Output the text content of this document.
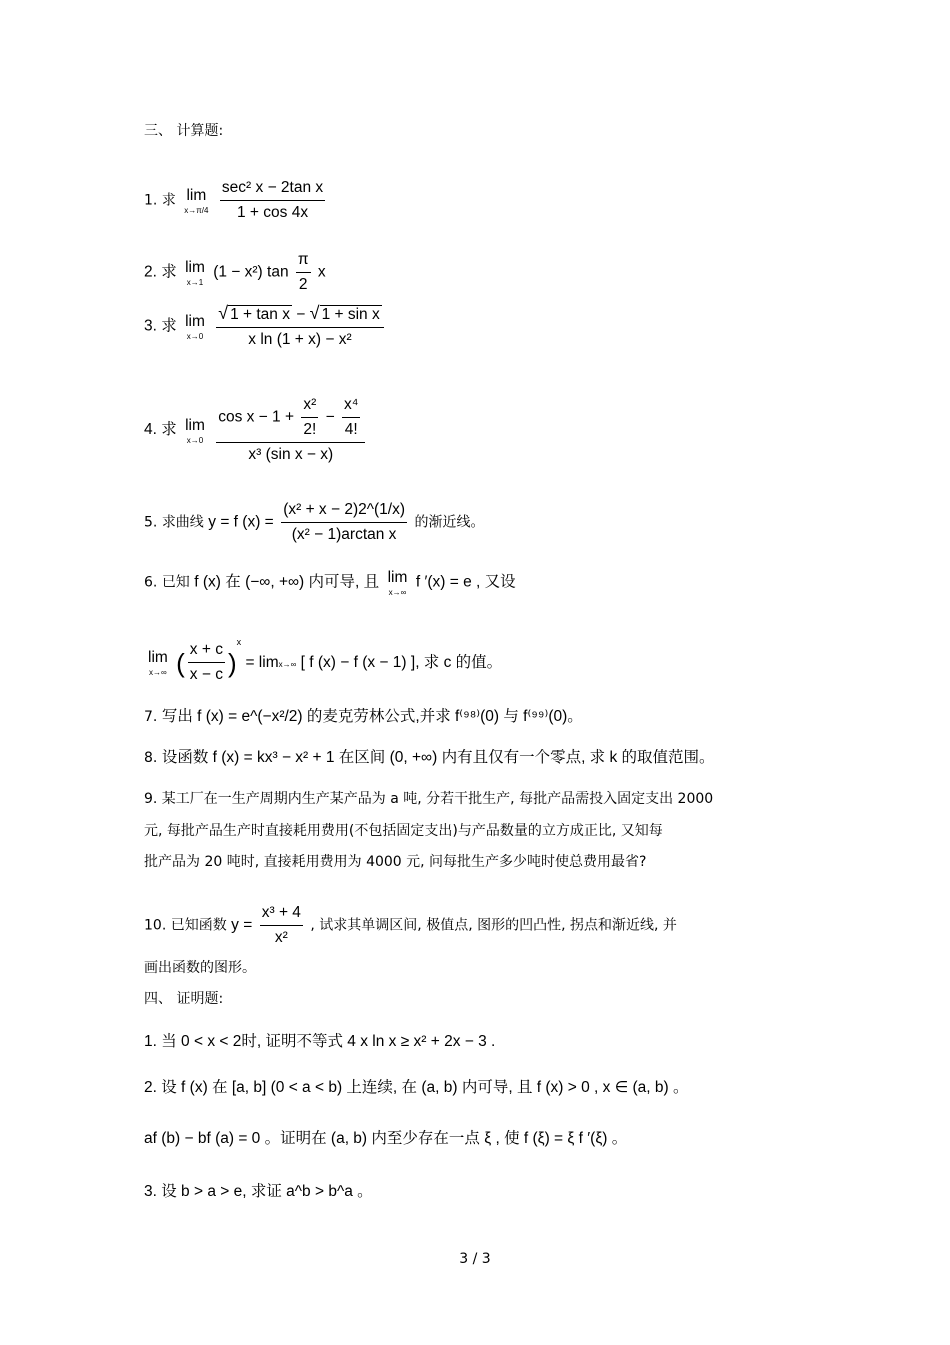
三、 计算题:
1. 求 lim
x→π/4
$\frac{\text{sec² x − 2tan x}}{1 + \cos 4x}$
2. 求 lim
x→1
(1 − x²) $\tan \frac{\pi}{2}$ x
3. 求 lim
x→0
$\frac{\text{√ 1 + tan x − √ 1 + sin x}}{\text{x ln (1 + x) − x²}}$
4. 求 lim
x→0
$\frac{\cos x - 1 + \frac{\text{x²}}{2!} - \frac{\text{x⁴}}{4!}}{\text{x³ (sin x − x)}}$
5. 求曲线 y = f $(x) = \frac{\text{(x² + x − 2)2\textasciicircum{}(1/x)}}{\text{(x² − 1)arctan x}}$ 的渐近线。
6. 已知 f (x) 在 (−∞, +∞) 内可导, 且 lim
x→∞
f ′(x) = e , 又设
lim
x→∞ ( $\frac{x + c}{x - c} )^x = \lim x\to\infty$ [ f (x) − f (x − 1) ], 求 c 的值。
7. 写出 f (x) = e^(−x²/2) 的麦克劳林公式,并求 f⁽⁹⁸⁾(0) 与 f⁽⁹⁹⁾(0)。
8. 设函数 f (x) = kx³ − x² + 1 在区间 (0, +∞) 内有且仅有一个零点, 求 k 的取值范围。
9. 某工厂在一生产周期内生产某产品为 a 吨, 分若干批生产, 每批产品需投入固定支出 2000
元, 每批产品生产时直接耗用费用(不包括固定支出)与产品数量的立方成正比, 又知每
批产品为 20 吨时, 直接耗用费用为 4000 元, 问每批生产多少吨时使总费用最省?
10. 已知函数 $y = \frac{\text{x³ + 4}}{\text{x²}}$ , 试求其单调区间, 极值点, 图形的凹凸性, 拐点和渐近线, 并
画出函数的图形。
四、 证明题:
1. 当 0 < x < 2时, 证明不等式 4 x ln x ≥ x² + 2x − 3 .
2. 设 f (x) 在 [a, b] (0 < a < b) 上连续, 在 (a, b) 内可导, 且 f (x) > 0 , x ∈ (a, b) 。
af (b) − bf (a) = 0 。证明在 (a, b) 内至少存在一点 ξ , 使 f (ξ) = ξ f ′(ξ) 。
3. 设 b > a > e, 求证 a^b > b^a 。
3 / 3
